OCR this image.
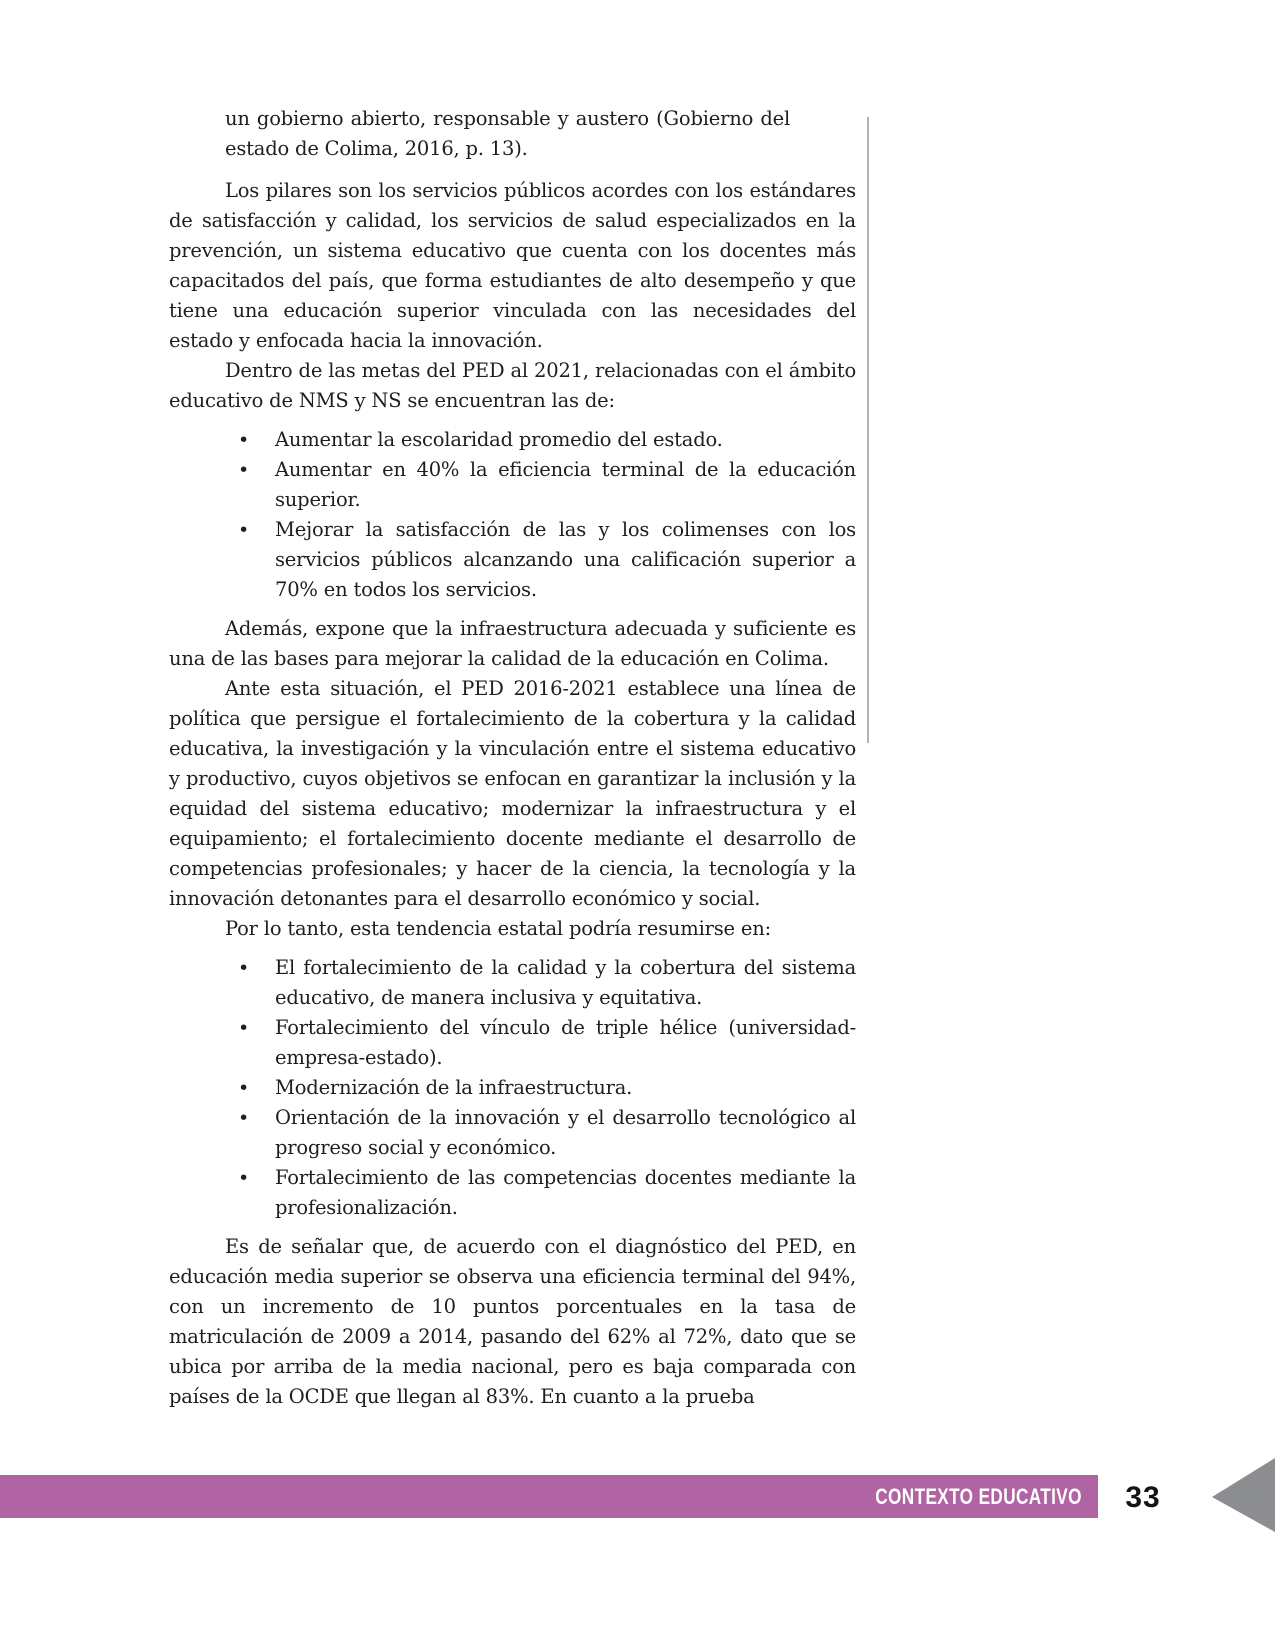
un gobierno abierto, responsable y austero (Gobierno del estado de Colima, 2016, p. 13).

Los pilares son los servicios públicos acordes con los estándares de satisfacción y calidad, los servicios de salud especializados en la prevención, un sistema educativo que cuenta con los docentes más capacitados del país, que forma estudiantes de alto desempeño y que tiene una educación superior vinculada con las necesidades del estado y enfocada hacia la innovación.

Dentro de las metas del PED al 2021, relacionadas con el ámbito educativo de NMS y NS se encuentran las de:

• Aumentar la escolaridad promedio del estado.
• Aumentar en 40% la eficiencia terminal de la educación superior.
• Mejorar la satisfacción de las y los colimenses con los servicios públicos alcanzando una calificación superior a 70% en todos los servicios.

Además, expone que la infraestructura adecuada y suficiente es una de las bases para mejorar la calidad de la educación en Colima.

Ante esta situación, el PED 2016-2021 establece una línea de política que persigue el fortalecimiento de la cobertura y la calidad educativa, la investigación y la vinculación entre el sistema educativo y productivo, cuyos objetivos se enfocan en garantizar la inclusión y la equidad del sistema educativo; modernizar la infraestructura y el equipamiento; el fortalecimiento docente mediante el desarrollo de competencias profesionales; y hacer de la ciencia, la tecnología y la innovación detonantes para el desarrollo económico y social.

Por lo tanto, esta tendencia estatal podría resumirse en:

• El fortalecimiento de la calidad y la cobertura del sistema educativo, de manera inclusiva y equitativa.
• Fortalecimiento del vínculo de triple hélice (universidad-empresa-estado).
• Modernización de la infraestructura.
• Orientación de la innovación y el desarrollo tecnológico al progreso social y económico.
• Fortalecimiento de las competencias docentes mediante la profesionalización.

Es de señalar que, de acuerdo con el diagnóstico del PED, en educación media superior se observa una eficiencia terminal del 94%, con un incremento de 10 puntos porcentuales en la tasa de matriculación de 2009 a 2014, pasando del 62% al 72%, dato que se ubica por arriba de la media nacional, pero es baja comparada con países de la OCDE que llegan al 83%. En cuanto a la prueba

CONTEXTO EDUCATIVO	33
